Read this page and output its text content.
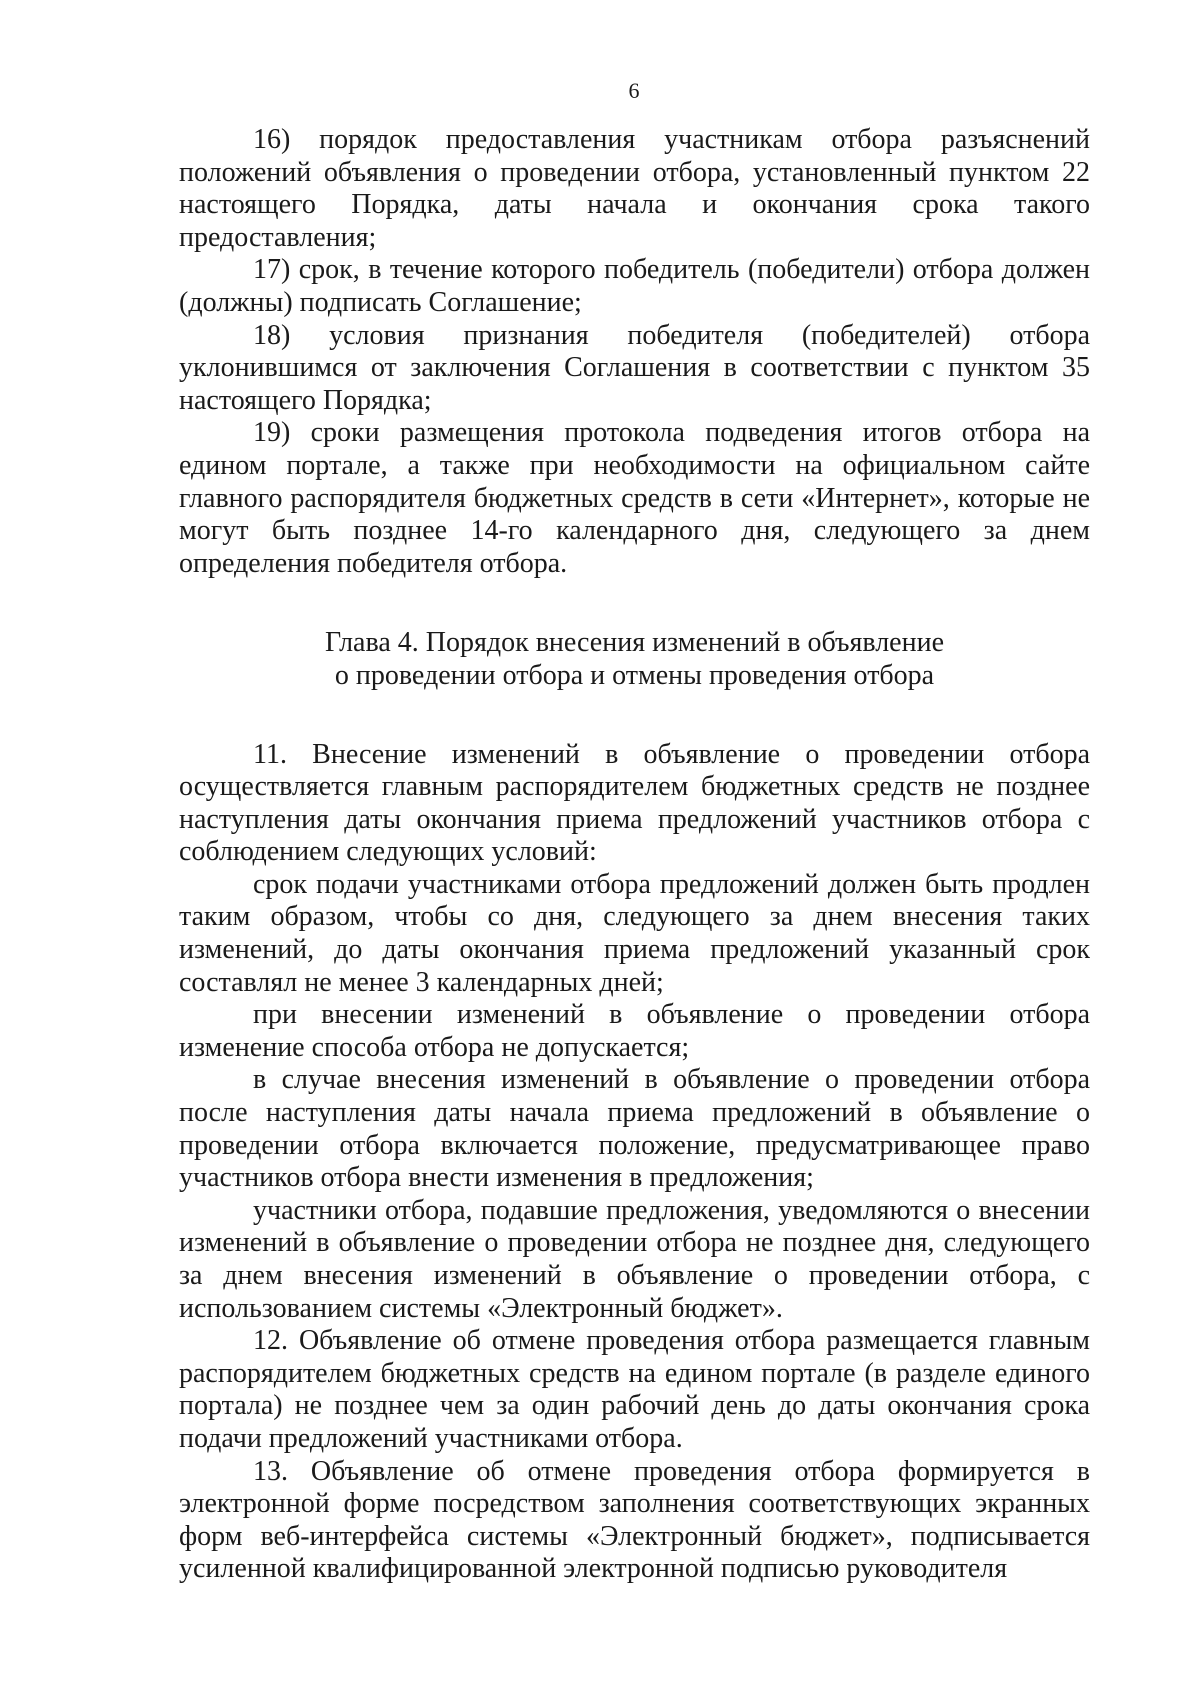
6

16) порядок предоставления участникам отбора разъяснений положений объявления о проведении отбора, установленный пунктом 22 настоящего Порядка, даты начала и окончания срока такого предоставления;

17) срок, в течение которого победитель (победители) отбора должен (должны) подписать Соглашение;

18) условия признания победителя (победителей) отбора уклонившимся от заключения Соглашения в соответствии с пунктом 35 настоящего Порядка;

19) сроки размещения протокола подведения итогов отбора на едином портале, а также при необходимости на официальном сайте главного распорядителя бюджетных средств в сети «Интернет», которые не могут быть позднее 14-го календарного дня, следующего за днем определения победителя отбора.

Глава 4. Порядок внесения изменений в объявление
о проведении отбора и отмены проведения отбора

11. Внесение изменений в объявление о проведении отбора осуществляется главным распорядителем бюджетных средств не позднее наступления даты окончания приема предложений участников отбора с соблюдением следующих условий:

срок подачи участниками отбора предложений должен быть продлен таким образом, чтобы со дня, следующего за днем внесения таких изменений, до даты окончания приема предложений указанный срок составлял не менее 3 календарных дней;

при внесении изменений в объявление о проведении отбора изменение способа отбора не допускается;

в случае внесения изменений в объявление о проведении отбора после наступления даты начала приема предложений в объявление о проведении отбора включается положение, предусматривающее право участников отбора внести изменения в предложения;

участники отбора, подавшие предложения, уведомляются о внесении изменений в объявление о проведении отбора не позднее дня, следующего за днем внесения изменений в объявление о проведении отбора, с использованием системы «Электронный бюджет».

12. Объявление об отмене проведения отбора размещается главным распорядителем бюджетных средств на едином портале (в разделе единого портала) не позднее чем за один рабочий день до даты окончания срока подачи предложений участниками отбора.

13. Объявление об отмене проведения отбора формируется в электронной форме посредством заполнения соответствующих экранных форм веб-интерфейса системы «Электронный бюджет», подписывается усиленной квалифицированной электронной подписью руководителя
